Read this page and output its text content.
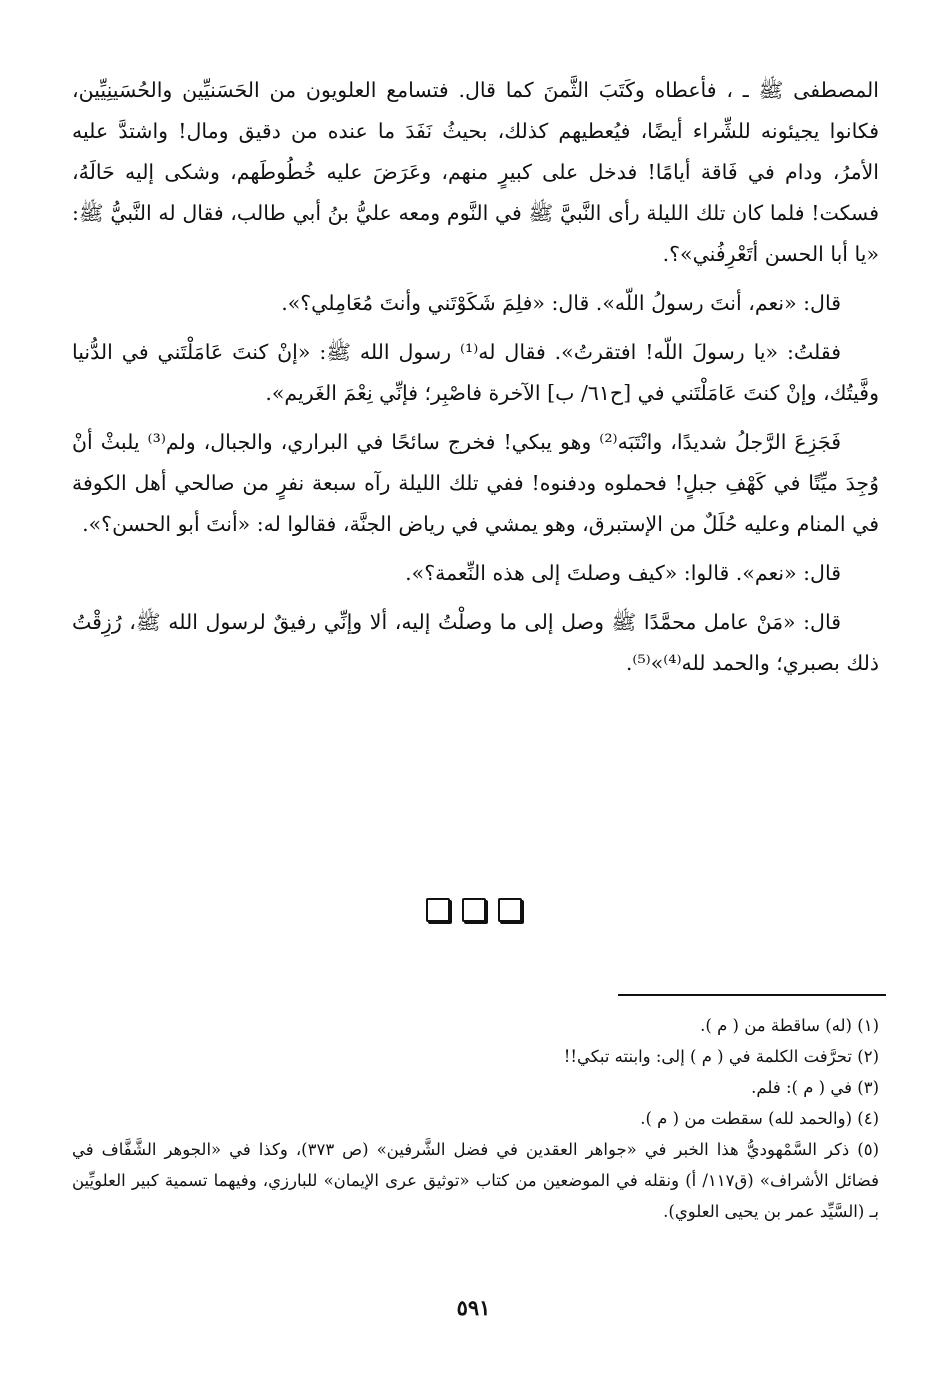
المصطفى ﷺ ـ ، فأعطاه وكَتَبَ الثَّمنَ كما قال. فتسامع العلويون من الحَسَنيِّين والحُسَينِيِّين، فكانوا يجيئونه للشِّراء أيضًا، فيُعطيهم كذلك، بحيثُ نَفَدَ ما عنده من دقيق ومال! واشتدَّ عليه الأمرُ، ودام في فَاقة أيامًا! فدخل على كبيرٍ منهم، وعَرَضَ عليه خُطُوطَهم، وشكى إليه حَالَهُ، فسكت! فلما كان تلك الليلة رأى النَّبيَّ ﷺ في النَّوم ومعه عليُّ بنُ أبي طالب، فقال له النَّبيُّ ﷺ: «يا أبا الحسن أتَعْرِفُني»؟.

قال: «نعم، أنتَ رسولُ اللّه». قال: «فلِمَ شَكَوْتَني وأنتَ مُعَامِلي؟».

فقلتُ: «يا رسولَ اللّه! افتقرتُ». فقال له⁽¹⁾ رسول الله ﷺ: «إنْ كنتَ عَامَلْتَني في الدُّنيا وفَّيتُك، وإنْ كنتَ عَامَلْتَني في [ح٦١/ ب] الآخرة فاصْبِر؛ فإنِّي نِعْمَ الغَريم».

فَجَزِعَ الرَّجلُ شديدًا، وانْتَبَه⁽²⁾ وهو يبكي! فخرج سائحًا في البراري، والجبال، ولم⁽³⁾ يلبثْ أنْ وُجِدَ ميِّتًا في كَهْفِ جبلٍ! فحملوه ودفنوه! ففي تلك الليلة رآه سبعة نفرٍ من صالحي أهل الكوفة في المنام وعليه حُلَلٌ من الإستبرق، وهو يمشي في رياض الجنَّة، فقالوا له: «أنتَ أبو الحسن؟».

قال: «نعم». قالوا: «كيف وصلتَ إلى هذه النِّعمة؟».

قال: «مَنْ عامل محمَّدًا ﷺ وصل إلى ما وصلْتُ إليه، ألا وإنِّي رفيقٌ لرسول الله ﷺ، رُزِقْتُ ذلك بصبري؛ والحمد لله⁽⁴⁾»⁽⁵⁾.

(١) (له) ساقطة من ( م ).

(٢) تحرَّفت الكلمة في ( م ) إلى: وابنته تبكي!!

(٣) في ( م ): فلم.

(٤) (والحمد لله) سقطت من ( م ).

(٥) ذكر السَّمْهوديُّ هذا الخبر في «جواهر العقدين في فضل الشَّرفين» (ص ٣٧٣)، وكذا في «الجوهر الشَّفَّاف في فضائل الأشراف» (ق١١٧/ أ) ونقله في الموضعين من كتاب «توثيق عرى الإيمان» للبارزي، وفيهما تسمية كبير العلويِّين بـ (السَّيِّد عمر بن يحيى العلوي).

٥٩١
